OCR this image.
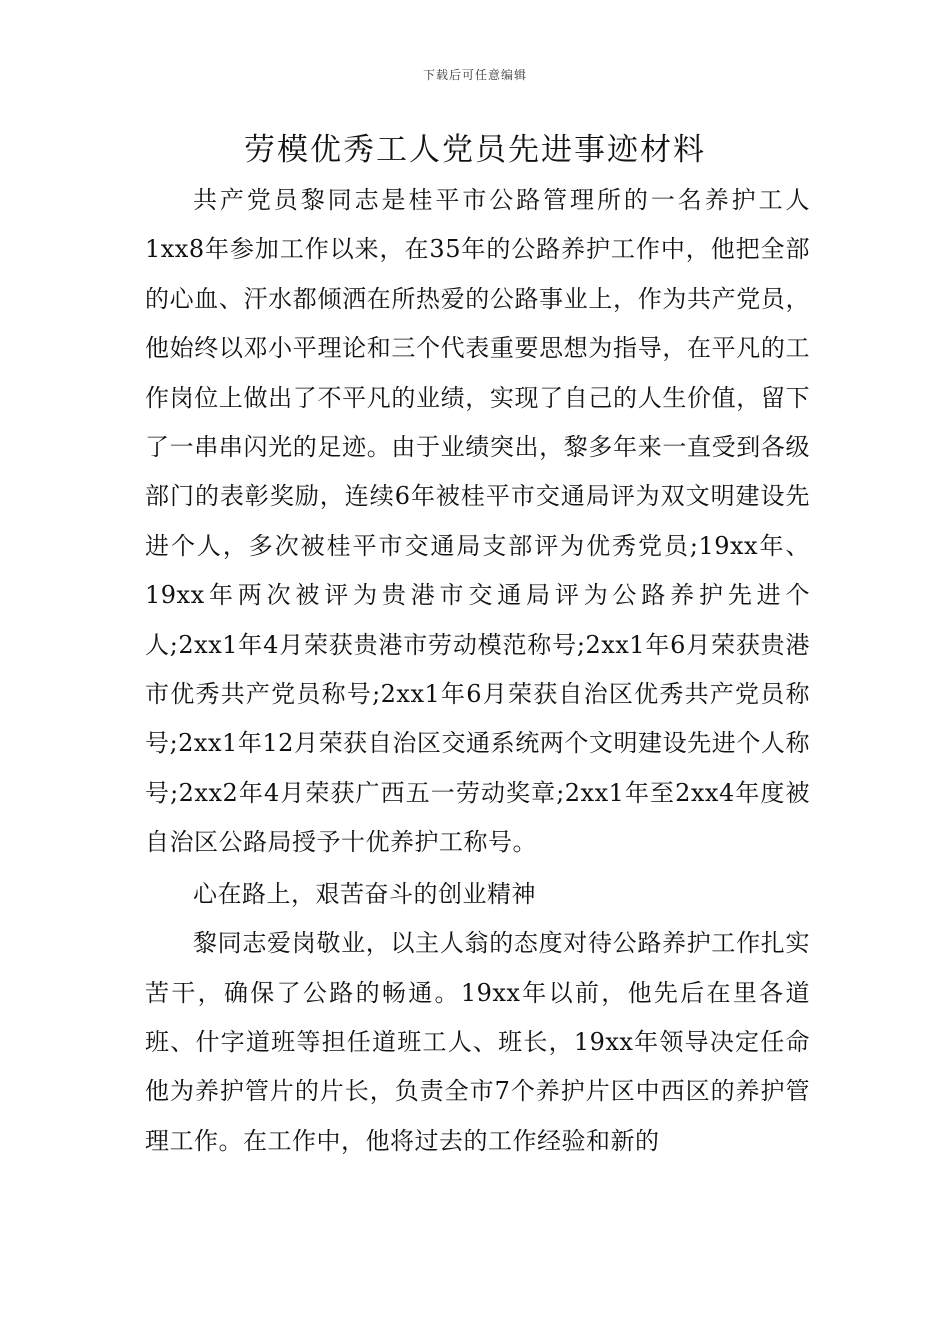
下载后可任意编辑
劳模优秀工人党员先进事迹材料

共产党员黎同志是桂平市公路管理所的一名养护工人1xx8年参加工作以来，在35年的公路养护工作中，他把全部的心血、汗水都倾洒在所热爱的公路事业上，作为共产党员，他始终以邓小平理论和三个代表重要思想为指导，在平凡的工作岗位上做出了不平凡的业绩，实现了自己的人生价值，留下了一串串闪光的足迹。由于业绩突出，黎多年来一直受到各级部门的表彰奖励，连续6年被桂平市交通局评为双文明建设先进个人，多次被桂平市交通局支部评为优秀党员;19xx年、19xx年两次被评为贵港市交通局评为公路养护先进个人;2xx1年4月荣获贵港市劳动模范称号;2xx1年6月荣获贵港市优秀共产党员称号;2xx1年6月荣获自治区优秀共产党员称号;2xx1年12月荣获自治区交通系统两个文明建设先进个人称号;2xx2年4月荣获广西五一劳动奖章;2xx1年至2xx4年度被自治区公路局授予十优养护工称号。

心在路上，艰苦奋斗的创业精神

黎同志爱岗敬业，以主人翁的态度对待公路养护工作扎实苦干，确保了公路的畅通。19xx年以前，他先后在里各道班、什字道班等担任道班工人、班长，19xx年领导决定任命他为养护管片的片长，负责全市7个养护片区中西区的养护管理工作。在工作中，他将过去的工作经验和新的
